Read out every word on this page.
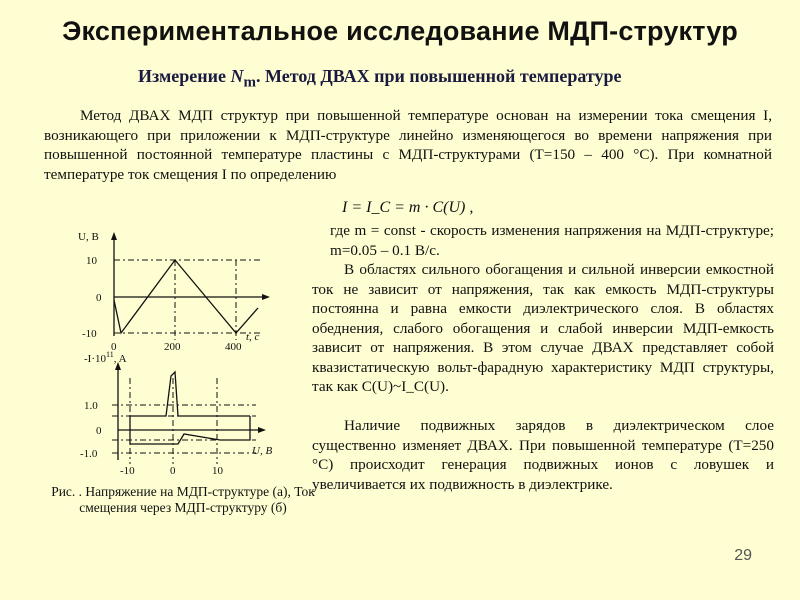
Экспериментальное исследование МДП-структур
Измерение $N_m$. Метод ДВАХ при повышенной температуре
Метод ДВАХ МДП структур при повышенной температуре основан на измерении тока смещения I, возникающего при приложении к МДП-структуре линейно изменяющегося во времени напряжения при повышенной постоянной температуре пластины с МДП-структурами (T=150 – 400 °C). При комнатной температуре ток смещения I по определению
I = I_C = m · C(U) ,
где m = const - скорость изменения напряжения на МДП-структуре; m=0.05 – 0.1 В/с.
В областях сильного обогащения и сильной инверсии емкостной ток не зависит от напряжения, так как емкость МДП-структуры постоянна и равна емкости диэлектрического слоя. В областях обеднения, слабого обогащения и слабой инверсии МДП-емкость зависит от напряжения. В этом случае ДВАХ представляет собой квазистатическую вольт-фарадную характеристику МДП структуры, так как C(U)~I_C(U).
Наличие подвижных зарядов в диэлектрическом слое существенно изменяет ДВАХ. При повышенной температуре (T=250 °C) происходит генерация подвижных ионов с ловушек и увеличивается их подвижность в диэлектрике.
U, B
t, c
10
0
-10
0	200	400
$-I\cdot 10^{11}$, A
1.0
0
-1.0
-10	0	10
U, B
Рис. . Напряжение на МДП-структуре (а), Ток смещения через МДП-структуру (б)
29
